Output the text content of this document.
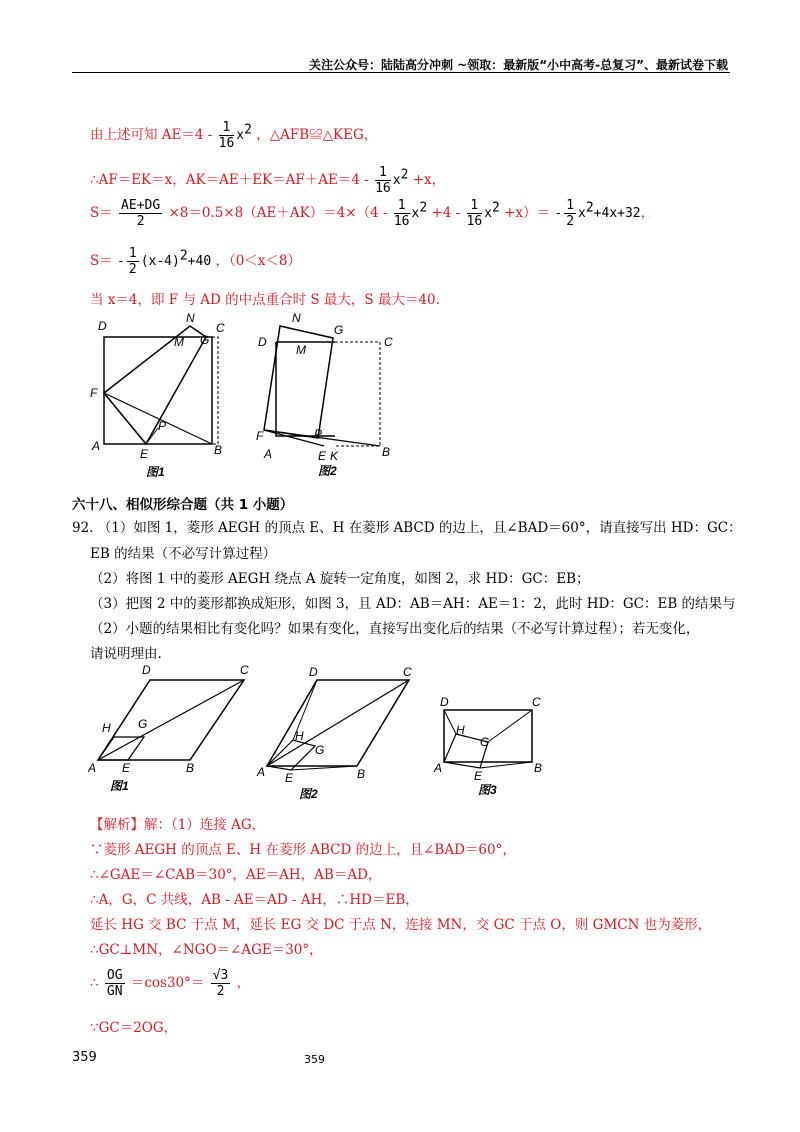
关注公众号：陆陆高分冲刺 ~领取：最新版“小中高考-总复习”、最新试卷下载
由上述可知 $AE=4 - \frac{1}{16} x^2$ ，△AFB≌△KEG，
∴AF＝EK＝x，$AK=AE+EK=AF+AE=4 - \frac{1}{16} x^2 +x$，
$S= \frac{AE+DG}{2} \times 8=0.5\times 8(AE+AK)=4\times(4 - \frac{1}{16} x^2 +4 - \frac{1}{16} x^2 +x)= - \frac{1}{2} x^2+4x+32$，
$S= - \frac{1}{2} (x-4)^2+40$ ，（0＜x＜8）
当 x＝4，即 F 与 AD 的中点重合时 S 最大，S 最大＝40.
D
N
C
M G
F
P
A
E	B
图1
D
N
G
C
M
F	P
A	E K	B
图2
六十八、相似形综合题（共 1 小题）
92. （1）如图 1，菱形 AEGH 的顶点 E、H 在菱形 ABCD 的边上，且∠BAD＝60°，请直接写出 HD：GC：
EB 的结果（不必写计算过程）
（2）将图 1 中的菱形 AEGH 绕点 A 旋转一定角度，如图 2，求 HD：GC：EB；
（3）把图 2 中的菱形都换成矩形，如图 3，且 AD：AB＝AH：AE＝1：2，此时 HD：GC：EB 的结果与
（2）小题的结果相比有变化吗？如果有变化，直接写出变化后的结果（不必写计算过程）；若无变化，
请说明理由.
D	C
H G
A E	B
图1
D	C
H
G
A E	B
图2
D	C
H
G
A
E
B
图3
【解析】解：（1）连接 AG，
∵菱形 AEGH 的顶点 E、H 在菱形 ABCD 的边上，且∠BAD＝60°，
∴∠GAE＝∠CAB＝30°，AE＝AH，AB＝AD，
∴A，G，C 共线，AB - AE＝AD - AH，∴HD＝EB，
延长 HG 交 BC 于点 M，延长 EG 交 DC 于点 N，连接 MN，交 GC 于点 O，则 GMCN 也为菱形，
∴GC⊥MN，∠NGO＝∠AGE＝30°，
∴ $\frac{OG}{GN} =\cos 30^\circ= \frac{√3}{2}$ ，
∵GC＝2OG，
359	359
